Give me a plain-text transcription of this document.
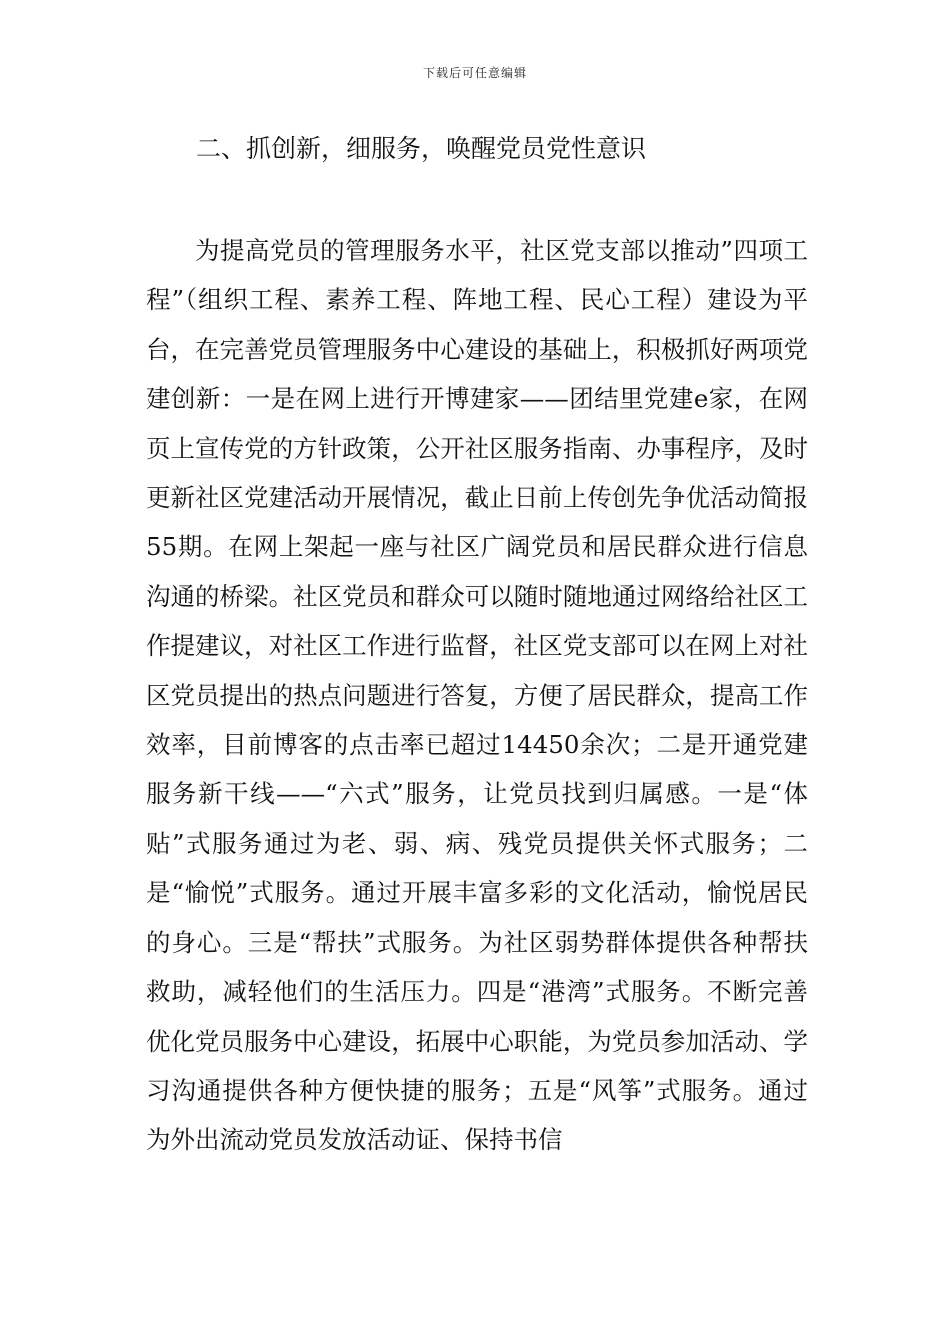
下载后可任意编辑
二、抓创新，细服务，唤醒党员党性意识

为提高党员的管理服务水平，社区党支部以推动”四项工程”（组织工程、素养工程、阵地工程、民心工程）建设为平台，在完善党员管理服务中心建设的基础上，积极抓好两项党建创新：一是在网上进行开博建家——团结里党建e家，在网页上宣传党的方针政策，公开社区服务指南、办事程序，及时更新社区党建活动开展情况，截止日前上传创先争优活动简报55期。在网上架起一座与社区广阔党员和居民群众进行信息沟通的桥梁。社区党员和群众可以随时随地通过网络给社区工作提建议，对社区工作进行监督，社区党支部可以在网上对社区党员提出的热点问题进行答复，方便了居民群众，提高工作效率，目前博客的点击率已超过14450余次；二是开通党建服务新干线——“六式”服务，让党员找到归属感。一是“体贴”式服务通过为老、弱、病、残党员提供关怀式服务；二是“愉悦”式服务。通过开展丰富多彩的文化活动，愉悦居民的身心。三是“帮扶”式服务。为社区弱势群体提供各种帮扶救助，减轻他们的生活压力。四是“港湾”式服务。不断完善优化党员服务中心建设，拓展中心职能，为党员参加活动、学习沟通提供各种方便快捷的服务；五是“风筝”式服务。通过为外出流动党员发放活动证、保持书信
